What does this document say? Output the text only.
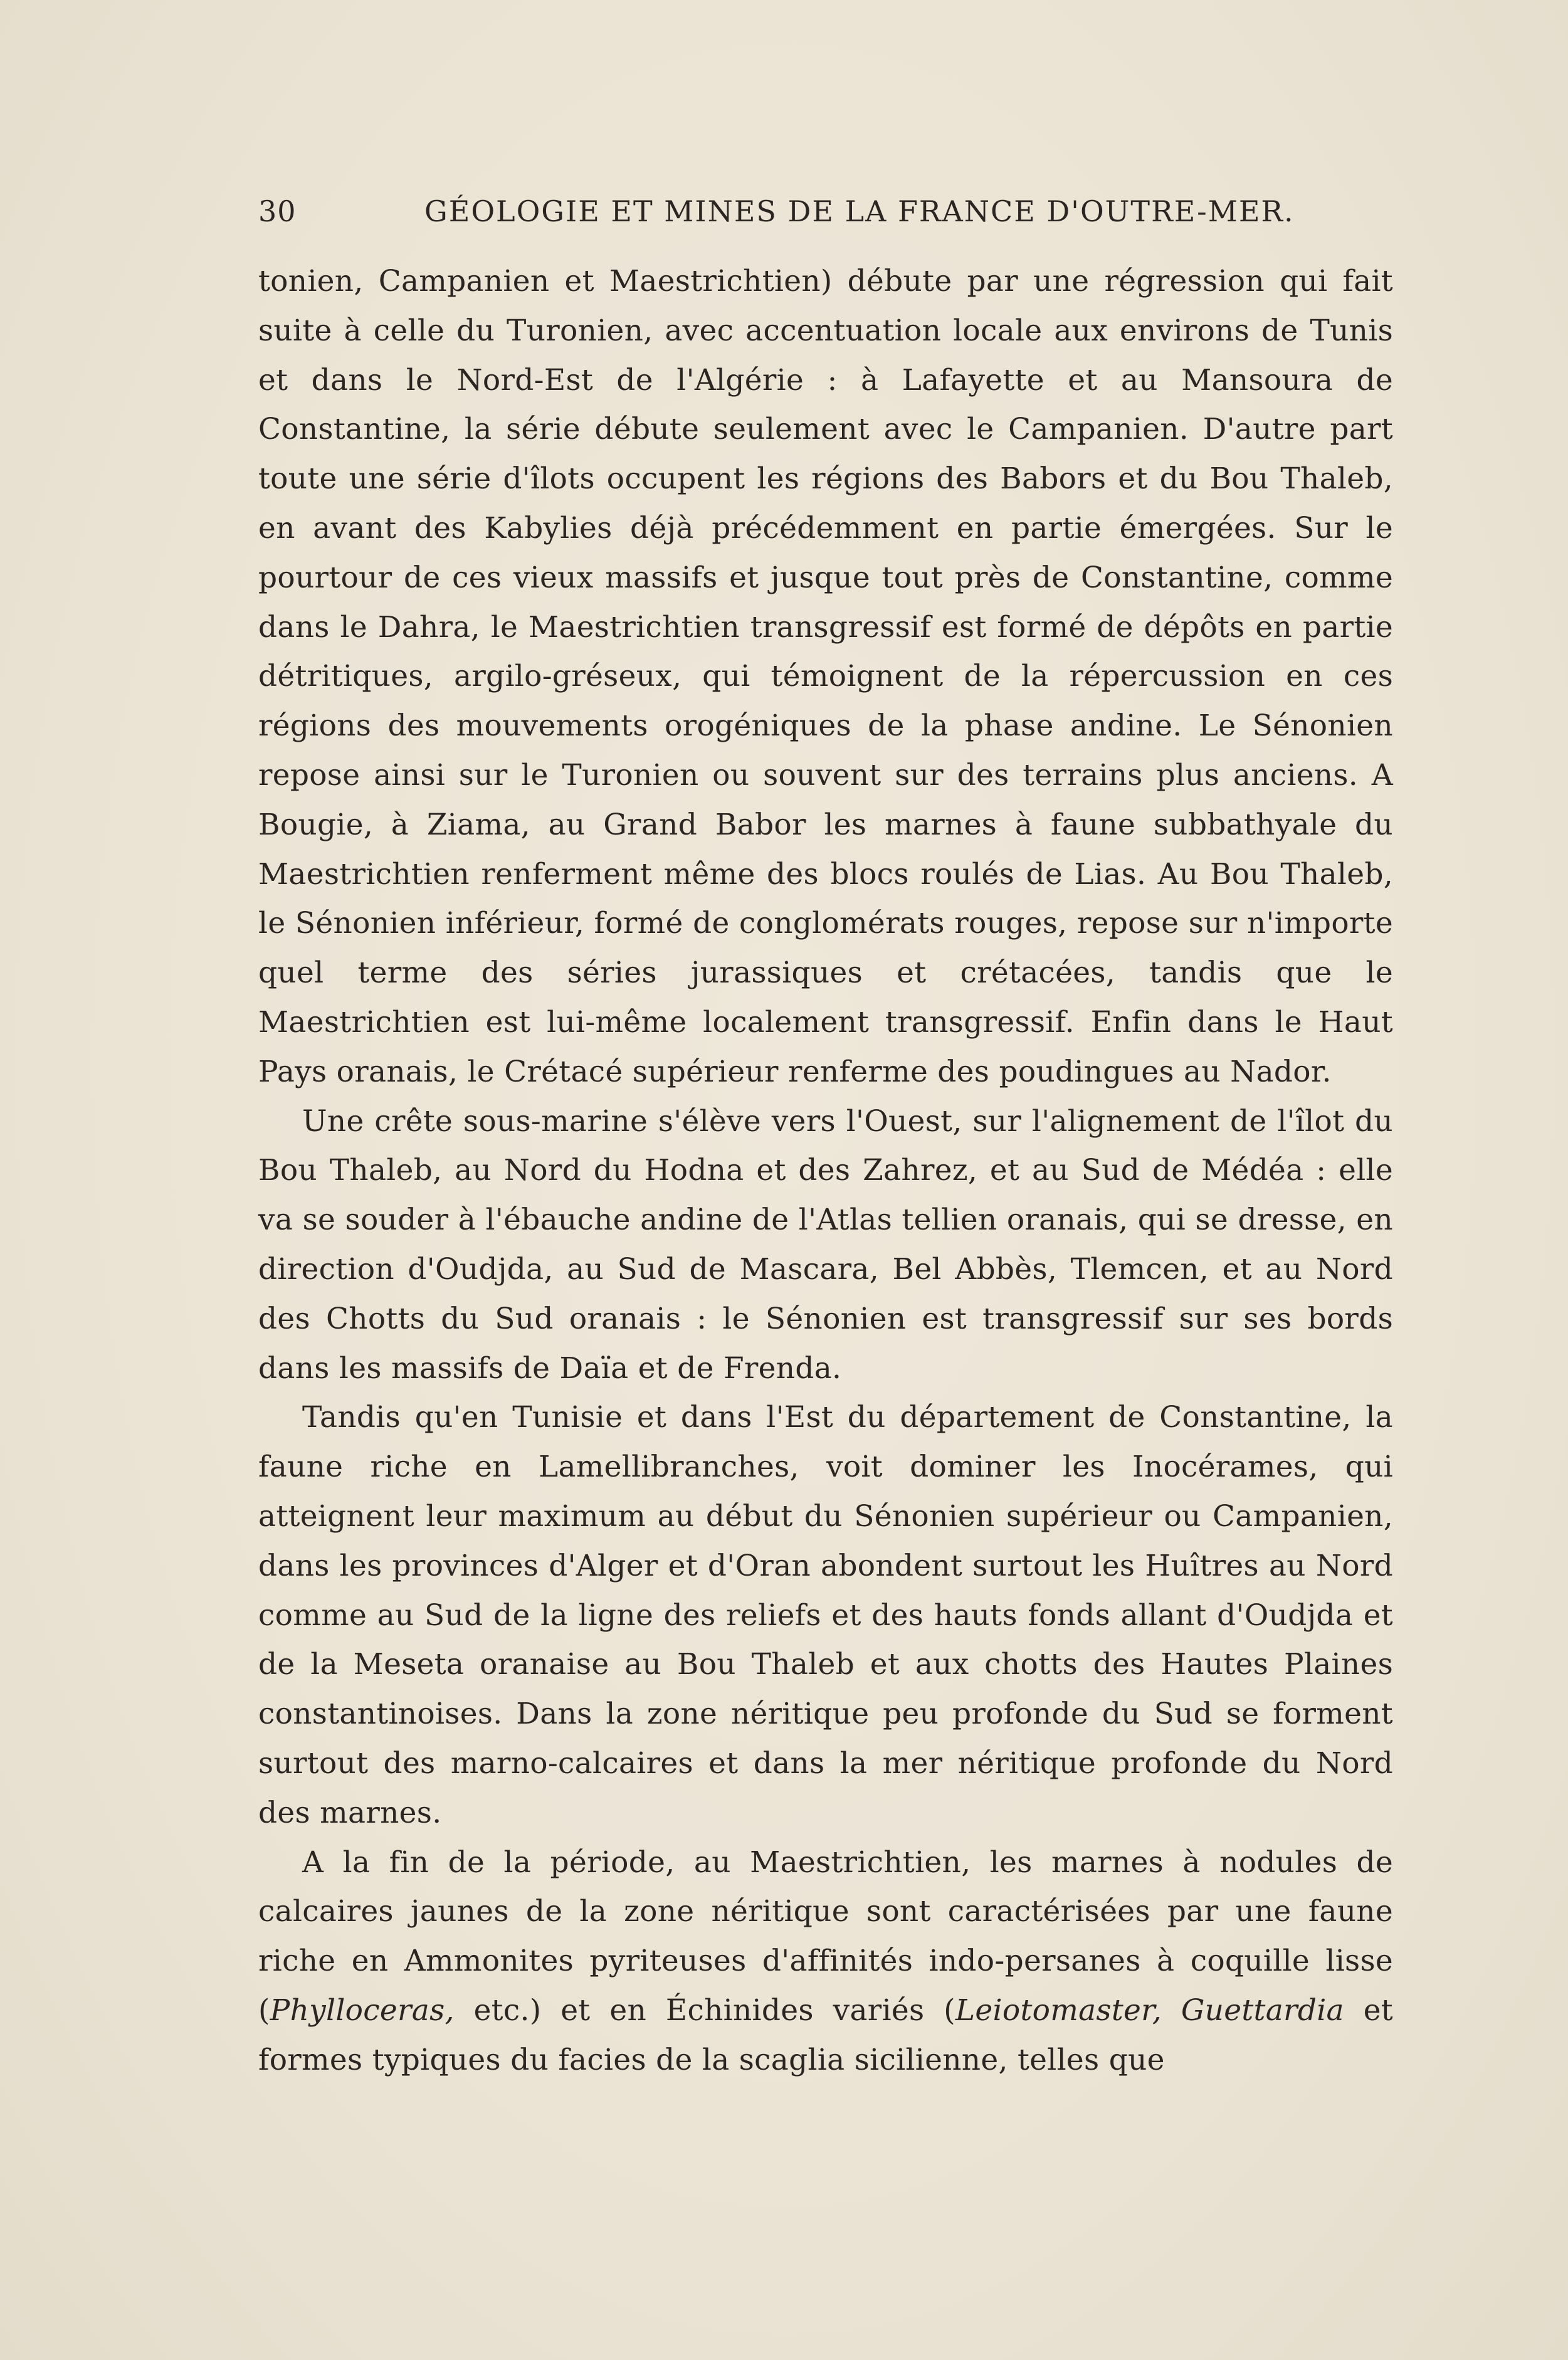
30	GÉOLOGIE ET MINES DE LA FRANCE D'OUTRE-MER.

tonien, Campanien et Maestrichtien) débute par une régression qui fait suite à celle du Turonien, avec accentuation locale aux environs de Tunis et dans le Nord-Est de l'Algérie : à Lafayette et au Mansoura de Constantine, la série débute seulement avec le Campanien. D'autre part toute une série d'îlots occupent les régions des Babors et du Bou Thaleb, en avant des Kabylies déjà précédemment en partie émergées. Sur le pourtour de ces vieux massifs et jusque tout près de Constantine, comme dans le Dahra, le Maestrichtien transgressif est formé de dépôts en partie détritiques, argilo-gréseux, qui témoignent de la répercussion en ces régions des mouvements orogéniques de la phase andine. Le Sénonien repose ainsi sur le Turonien ou souvent sur des terrains plus anciens. A Bougie, à Ziama, au Grand Babor les marnes à faune subbathyale du Maestrichtien renferment même des blocs roulés de Lias. Au Bou Thaleb, le Sénonien inférieur, formé de conglomérats rouges, repose sur n'importe quel terme des séries jurassiques et crétacées, tandis que le Maestrichtien est lui-même localement transgressif. Enfin dans le Haut Pays oranais, le Crétacé supérieur renferme des poudingues au Nador.

Une crête sous-marine s'élève vers l'Ouest, sur l'alignement de l'îlot du Bou Thaleb, au Nord du Hodna et des Zahrez, et au Sud de Médéa : elle va se souder à l'ébauche andine de l'Atlas tellien oranais, qui se dresse, en direction d'Oudjda, au Sud de Mascara, Bel Abbès, Tlemcen, et au Nord des Chotts du Sud oranais : le Sénonien est transgressif sur ses bords dans les massifs de Daïa et de Frenda.

Tandis qu'en Tunisie et dans l'Est du département de Constantine, la faune riche en Lamellibranches, voit dominer les Inocérames, qui atteignent leur maximum au début du Sénonien supérieur ou Campanien, dans les provinces d'Alger et d'Oran abondent surtout les Huîtres au Nord comme au Sud de la ligne des reliefs et des hauts fonds allant d'Oudjda et de la Meseta oranaise au Bou Thaleb et aux chotts des Hautes Plaines constantinoises. Dans la zone néritique peu profonde du Sud se forment surtout des marno-calcaires et dans la mer néritique profonde du Nord des marnes.

A la fin de la période, au Maestrichtien, les marnes à nodules de calcaires jaunes de la zone néritique sont caractérisées par une faune riche en Ammonites pyriteuses d'affinités indo-persanes à coquille lisse (Phylloceras, etc.) et en Échinides variés (Leiotomaster, Guettardia et formes typiques du facies de la scaglia sicilienne, telles que
